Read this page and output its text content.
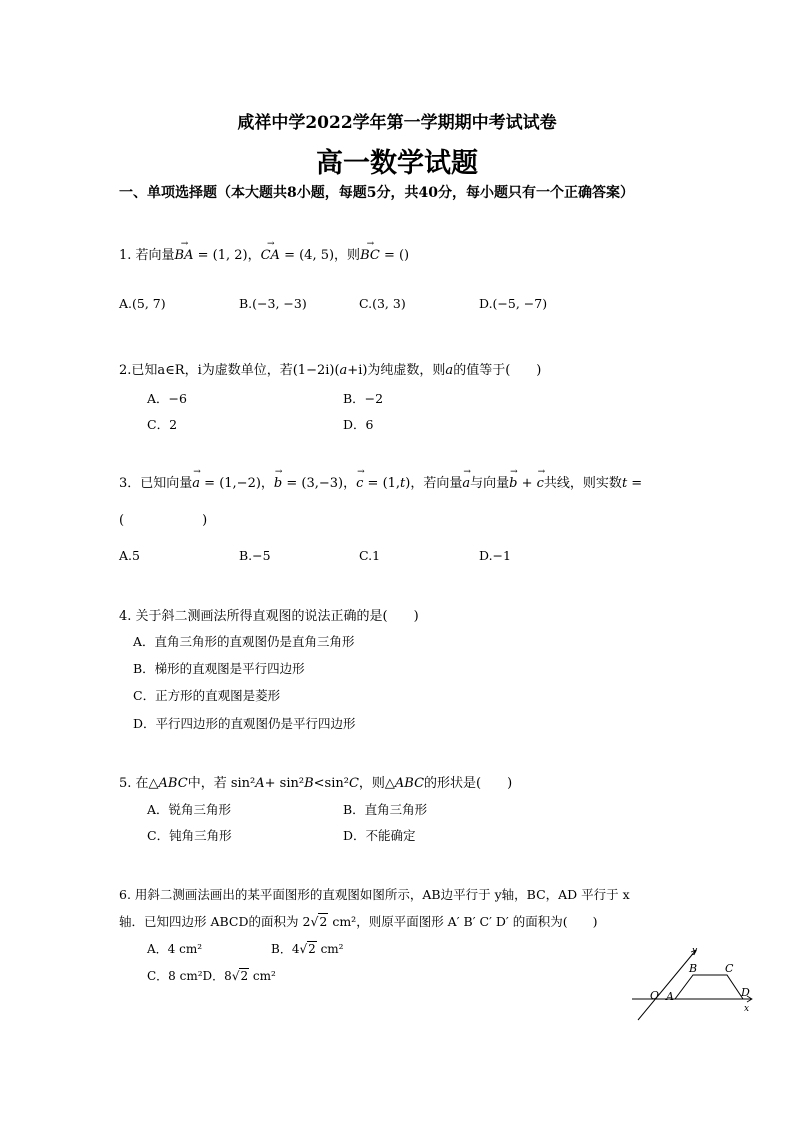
咸祥中学2022学年第一学期期中考试试卷
高一数学试题
一、单项选择题（本大题共8小题，每题5分，共40分，每小题只有一个正确答案）
1. 若向量→ BA = (1, 2)，→ CA = (4, 5)，则→ BC = ()
A.(5, 7)	B.(−3, −3)	C.(3, 3)	D.(−5, −7)
2.已知a∈R，i为虚数单位，若(1−2i)(a+i)为纯虚数，则a的值等于(　　)
A．−6	B．−2
C．2	D．6
3．已知向量→ a = (1,−2)，→ b = (3,−3)，→ c = (1,t)，若向量→ a与向量→ b + → c共线，则实数t =
(　　　　　　)
A.5	B.−5	C.1	D.−1
4. 关于斜二测画法所得直观图的说法正确的是(　　)
A．直角三角形的直观图仍是直角三角形
B．梯形的直观图是平行四边形
C．正方形的直观图是菱形
D．平行四边形的直观图仍是平行四边形
5. 在△ABC中，若 sin²A+ sin²B<sin²C，则△ABC的形状是(　　)
A．锐角三角形	B．直角三角形
C．钝角三角形	D．不能确定
6. 用斜二测画法画出的某平面图形的直观图如图所示，AB边平行于 y轴，BC，AD 平行于 x
轴．已知四边形 ABCD的面积为 2√2 cm²，则原平面图形 A′ B′ C′ D′ 的面积为(　　)
A．4 cm²	B．4√2 cm²
C．8 cm²D．8√2 cm²
y
x
O A
B	C
D
